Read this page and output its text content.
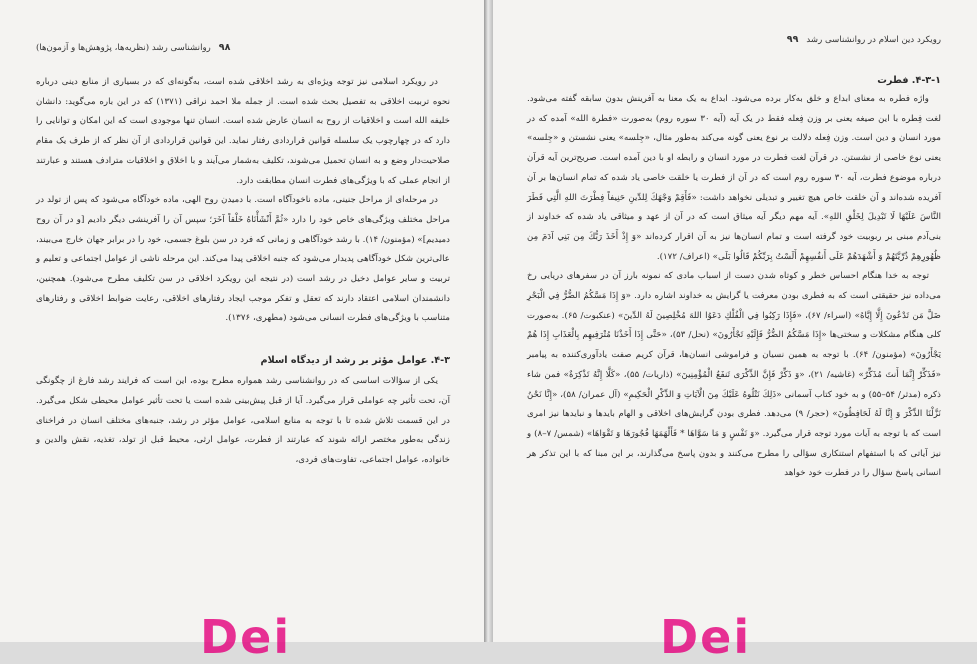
۹۸
روانشناسی رشد (نظریه‌ها، پژوهش‌ها و آزمون‌ها)

در رویکرد اسلامی نیز توجه ویژه‌ای به رشد اخلاقی شده است، به‌گونه‌ای که در بسیاری از منابع دینی درباره نحوه تربیت اخلاقی به تفصیل بحث شده است. از جمله ملا احمد نراقی (۱۳۷۱) که در این باره می‌گوید: دانشان خلیفه الله است و اخلاقیات از روح به انسان عارض شده است. انسان تنها موجودی است که این امکان و توانایی را دارد که در چهارچوب یک سلسله قوانین قراردادی رفتار نماید. این قوانین قراردادی از آن نظر که از طرف یک مقام صلاحیت‌دار وضع و به انسان تحمیل می‌شوند، تکلیف به‌شمار می‌آیند و با اخلاق و اخلاقیات مترادف هستند و عبارتند از انجام عملی که با ویژگی‌های فطرت انسان مطابقت دارد.

در مرحله‌ای از مراحل جنینی، ماده ناخودآگاه است. با دمیدن روح الهی، ماده خودآگاه می‌شود که پس از تولد در مراحل مختلف ویژگی‌های خاص خود را دارد «ثُمَّ أَنْشَأْنَاهُ خَلْقاً آخَرَ؛ سپس آن را آفرینشی دیگر دادیم [و در آن روح دمیدیم]» (مؤمنون/ ۱۴). با رشد خودآگاهی و زمانی که فرد در سن بلوغ جسمی، خود را در برابر جهان خارج می‌بیند، عالی‌ترین شکل خودآگاهی پدیدار می‌شود که جنبه اخلاقی پیدا می‌کند. این مرحله ناشی از عوامل اجتماعی و تعلیم و تربیت و سایر عوامل دخیل در رشد است (در نتیجه این رویکرد اخلاقی در سن تکلیف مطرح می‌شود). همچنین، دانشمندان اسلامی اعتقاد دارند که تعقل و تفکر موجب ایجاد رفتارهای اخلاقی، رعایت ضوابط اخلاقی و رفتارهای متناسب با ویژگی‌های فطرت انسانی می‌شود (مطهری، ۱۳۷۶).

۴-۳. عوامل مؤثر بر رشد از دیدگاه اسلام

یکی از سؤالات اساسی که در روانشناسی رشد همواره مطرح بوده، این است که فرایند رشد فارغ از چگونگی آن، تحت تأثیر چه عواملی قرار می‌گیرد. آیا از قبل پیش‌بینی شده است یا تحت تأثیر عوامل محیطی شکل می‌گیرد. در این قسمت تلاش شده تا با توجه به منابع اسلامی، عوامل مؤثر در رشد، جنبه‌های مختلف انسان در فراخنای زندگی به‌طور مختصر ارائه شوند که عبارتند از فطرت، عوامل ارثی، محیط قبل از تولد، تغذیه، نقش والدین و خانواده، عوامل اجتماعی، تفاوت‌های فردی،

رویکرد دین اسلام در روانشناسی رشد
۹۹
۴-۳-۱. فطرت

واژه فطره به معنای ابداع و خلق به‌کار برده می‌شود. ابداع به یک معنا به آفرینش بدون سابقه گفته می‌شود. لغت فِطره با این صیغه یعنی بر وزن فِعله فقط در یک آیه (آیه ۳۰ سوره روم) به‌صورت «فطرة الله» آمده که در مورد انسان و دین است. وزن فِعله دلالت بر نوع یعنی گونه می‌کند به‌طور مثال، «جِلسه» یعنی نشستن و «جِلسه» یعنی نوع خاصی از نشستن. در قرآن لغت فطرت در مورد انسان و رابطه او با دین آمده است. صریح‌ترین آیه قرآن درباره موضوع فطرت، آیه ۳۰ سوره روم است که در آن از فطرت یا خلقت خاصی یاد شده که تمام انسان‌ها بر آن آفریده شده‌اند و آن خلقت خاص هیچ تغییر و تبدیلی نخواهد داشت: «فَأَقِمْ وَجْهَكَ لِلدِّينِ حَنِيفاً فِطْرَتَ اللهِ الَّتِي فَطَرَ النَّاسَ عَلَيْهَا لَا تَبْدِيلَ لِخَلْقِ اللهِ». آیه مهم دیگر آیه میثاق است که در آن از عهد و میثاقی یاد شده که خداوند از بنی‌آدم مبنی بر ربوبیت خود گرفته است و تمام انسان‌ها نیز به آن اقرار کرده‌اند «وَ إِذْ أَخَذَ رَبُّكَ مِن بَنِي آدَمَ مِن ظُهُورِهِمْ ذُرِّيَّتَهُمْ وَ أَشْهَدَهُمْ عَلَى أَنفُسِهِمْ أَلَسْتُ بِرَبِّكُمْ قَالُوا بَلَى» (اعراف/ ۱۷۲).

توجه به خدا هنگام احساس خطر و کوتاه شدن دست از اسباب مادی که نمونه بارز آن در سفرهای دریایی رخ می‌داده نیز حقیقتی است که به فطری بودن معرفت یا گرایش به خداوند اشاره دارد. «وَ إِذَا مَسَّكُمُ الضُّرُّ فِي الْبَحْرِ ضَلَّ مَن تَدْعُونَ إِلَّا إِيَّاهُ» (اسراء/ ۶۷)، «فَإِذَا رَكِبُوا فِي الْفُلْكِ دَعَوُا اللهَ مُخْلِصِينَ لَهُ الدِّينَ» (عنکبوت/ ۶۵). به‌صورت کلی هنگام مشکلات و سختی‌ها «إِذَا مَسَّكُمُ الضُّرُّ فَإِلَيْهِ تَجْأَرُونَ» (نحل/ ۵۳)، «حَتَّى إِذَا أَخَذْنَا مُتْرَفِيهِم بِالْعَذَابِ إِذَا هُمْ يَجْأَرُونَ» (مؤمنون/ ۶۴). با توجه به همین نسیان و فراموشی انسان‌ها، قرآن کریم صفت یادآوری‌کننده به پیامبر «فَذَكِّرْ إِنَّمَا أَنتَ مُذَكِّرٌ» (غاشیه/ ۲۱)، «وَ ذَكِّرْ فَإِنَّ الذِّكْرَى تَنفَعُ الْمُؤْمِنِينَ» (ذاریات/ ۵۵)، «كَلَّا إِنَّهُ تَذْكِرَةٌ» فمن شاء ذکره (مدثر/ ۵۴–۵۵) و به خود کتاب آسمانی «ذَلِكَ نَتْلُوهُ عَلَيْكَ مِنَ الْآيَاتِ وَ الذِّكْرِ الْحَكِيمِ» (آل عمران/ ۵۸)، «إِنَّا نَحْنُ نَزَّلْنَا الذِّكْرَ وَ إِنَّا لَهُ لَحَافِظُونَ» (حجر/ ۹) می‌دهد. فطری بودن گرایش‌های اخلاقی و الهام بایدها و نبایدها نیز امری است که با توجه به آیات مورد توجه قرار می‌گیرد. «وَ نَفْسٍ وَ مَا سَوَّاهَا * فَأَلْهَمَهَا فُجُورَهَا وَ تَقْوَاهَا» (شمس/ ۷–۸) و نیز آیاتی که با استفهام استنکاری سؤالی را مطرح می‌کنند و بدون پاسخ می‌گذارند، بر این مبنا که با این تذکر هر انسانی پاسخ سؤال را در فطرت خود خواهد

Dei	Dei
